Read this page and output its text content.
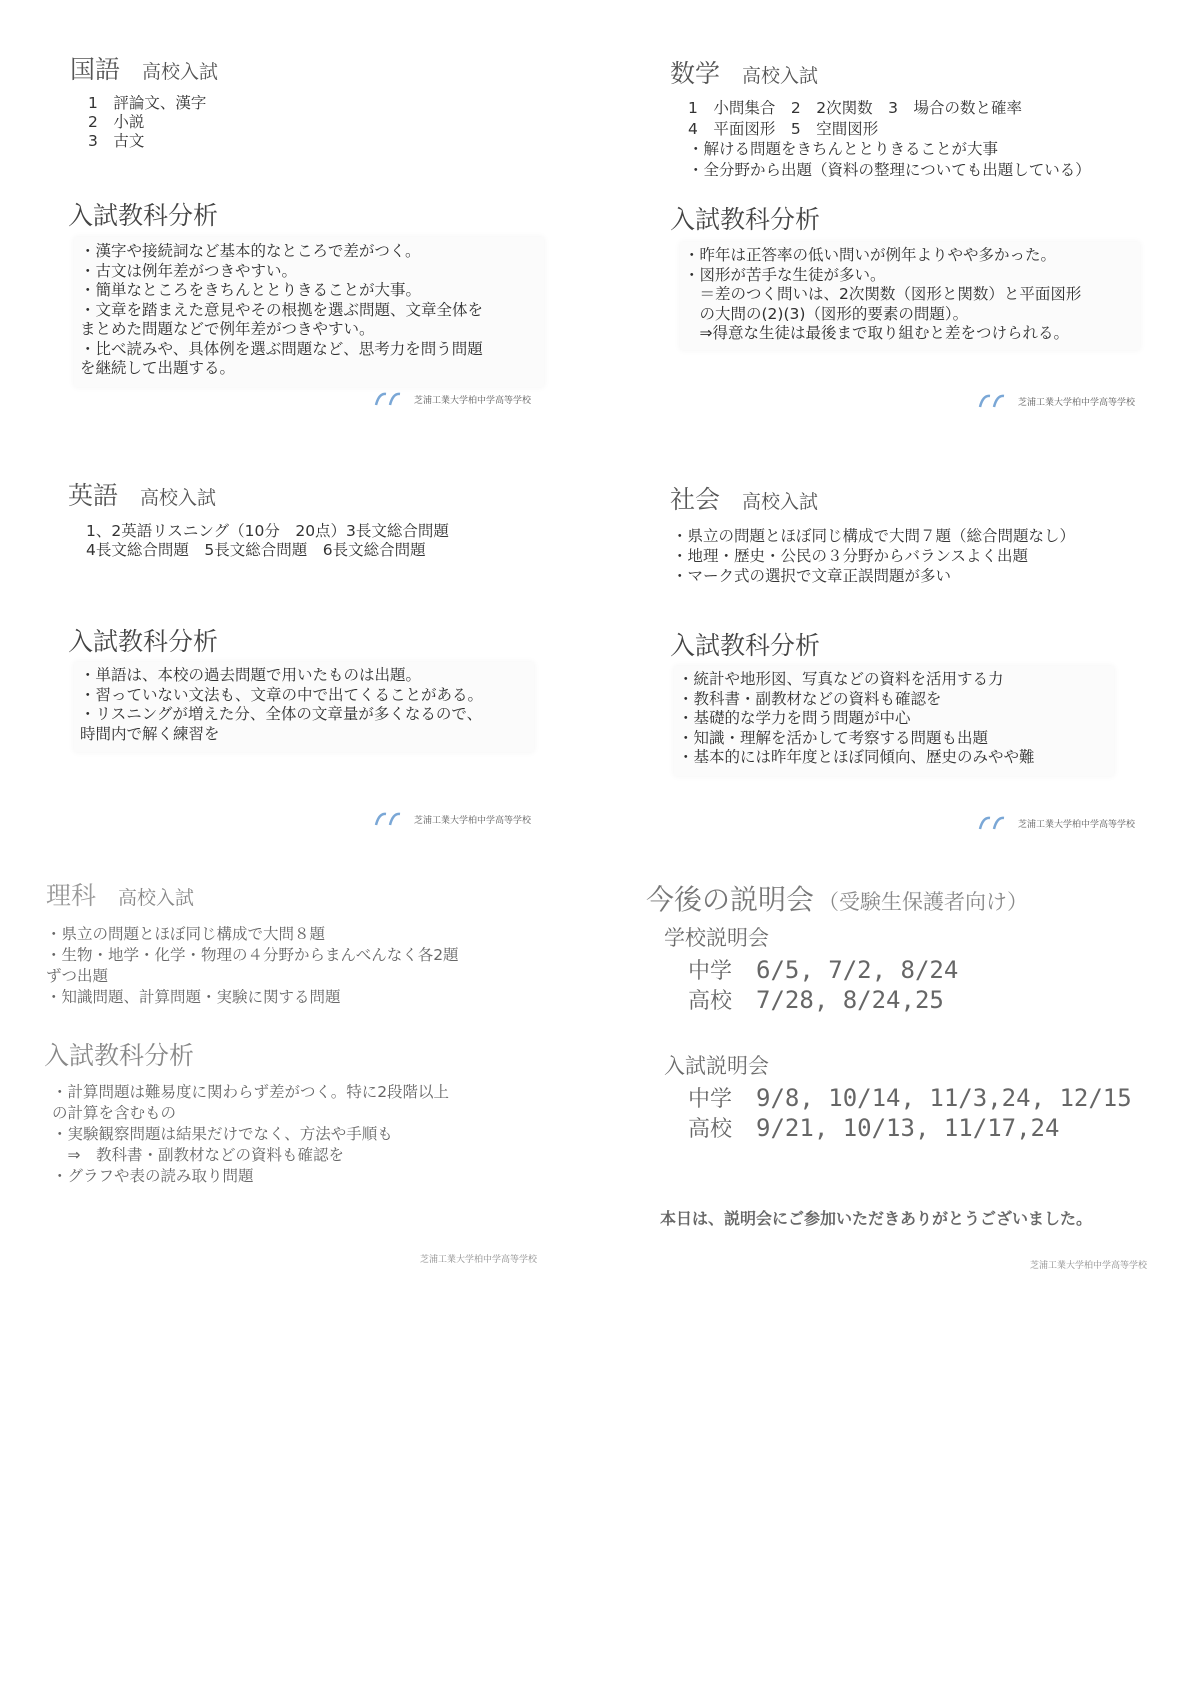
国語 高校入試
1　評論文、漢字
2　小説
3　古文
入試教科分析
・漢字や接続詞など基本的なところで差がつく。
・古文は例年差がつきやすい。
・簡単なところをきちんととりきることが大事。
・文章を踏まえた意見やその根拠を選ぶ問題、文章全体を
まとめた問題などで例年差がつきやすい。
・比べ読みや、具体例を選ぶ問題など、思考力を問う問題
を継続して出題する。
芝浦工業大学柏中学高等学校
数学 高校入試
1　小問集合　2　2次関数　3　場合の数と確率
4　平面図形　5　空間図形
・解ける問題をきちんととりきることが大事
・全分野から出題（資料の整理についても出題している）
入試教科分析
・昨年は正答率の低い問いが例年よりやや多かった。
・図形が苦手な生徒が多い。
　＝差のつく問いは、2次関数（図形と関数）と平面図形
　の大問の(2)(3)（図形的要素の問題）。
　⇒得意な生徒は最後まで取り組むと差をつけられる。
芝浦工業大学柏中学高等学校
英語 高校入試
1、2英語リスニング（10分　20点）3長文総合問題
4長文総合問題　5長文総合問題　6長文総合問題
入試教科分析
・単語は、本校の過去問題で用いたものは出題。
・習っていない文法も、文章の中で出てくることがある。
・リスニングが増えた分、全体の文章量が多くなるので、
時間内で解く練習を
芝浦工業大学柏中学高等学校
社会 高校入試
・県立の問題とほぼ同じ構成で大問７題（総合問題なし）
・地理・歴史・公民の３分野からバランスよく出題
・マーク式の選択で文章正誤問題が多い
入試教科分析
・統計や地形図、写真などの資料を活用する力
・教科書・副教材などの資料も確認を
・基礎的な学力を問う問題が中心
・知識・理解を活かして考察する問題も出題
・基本的には昨年度とほぼ同傾向、歴史のみやや難
芝浦工業大学柏中学高等学校
理科 高校入試
・県立の問題とほぼ同じ構成で大問８題
・生物・地学・化学・物理の４分野からまんべんなく各2題
ずつ出題
・知識問題、計算問題・実験に関する問題
入試教科分析
・計算問題は難易度に関わらず差がつく。特に2段階以上
の計算を含むもの
・実験観察問題は結果だけでなく、方法や手順も
　⇒　教科書・副教材などの資料も確認を
・グラフや表の読み取り問題
芝浦工業大学柏中学高等学校
今後の説明会 （受験生保護者向け）
学校説明会
中学 6/5, 7/2, 8/24
高校 7/28, 8/24,25
入試説明会
中学 9/8, 10/14, 11/3,24, 12/15
高校 9/21, 10/13, 11/17,24
本日は、説明会にご参加いただきありがとうございました。
芝浦工業大学柏中学高等学校
